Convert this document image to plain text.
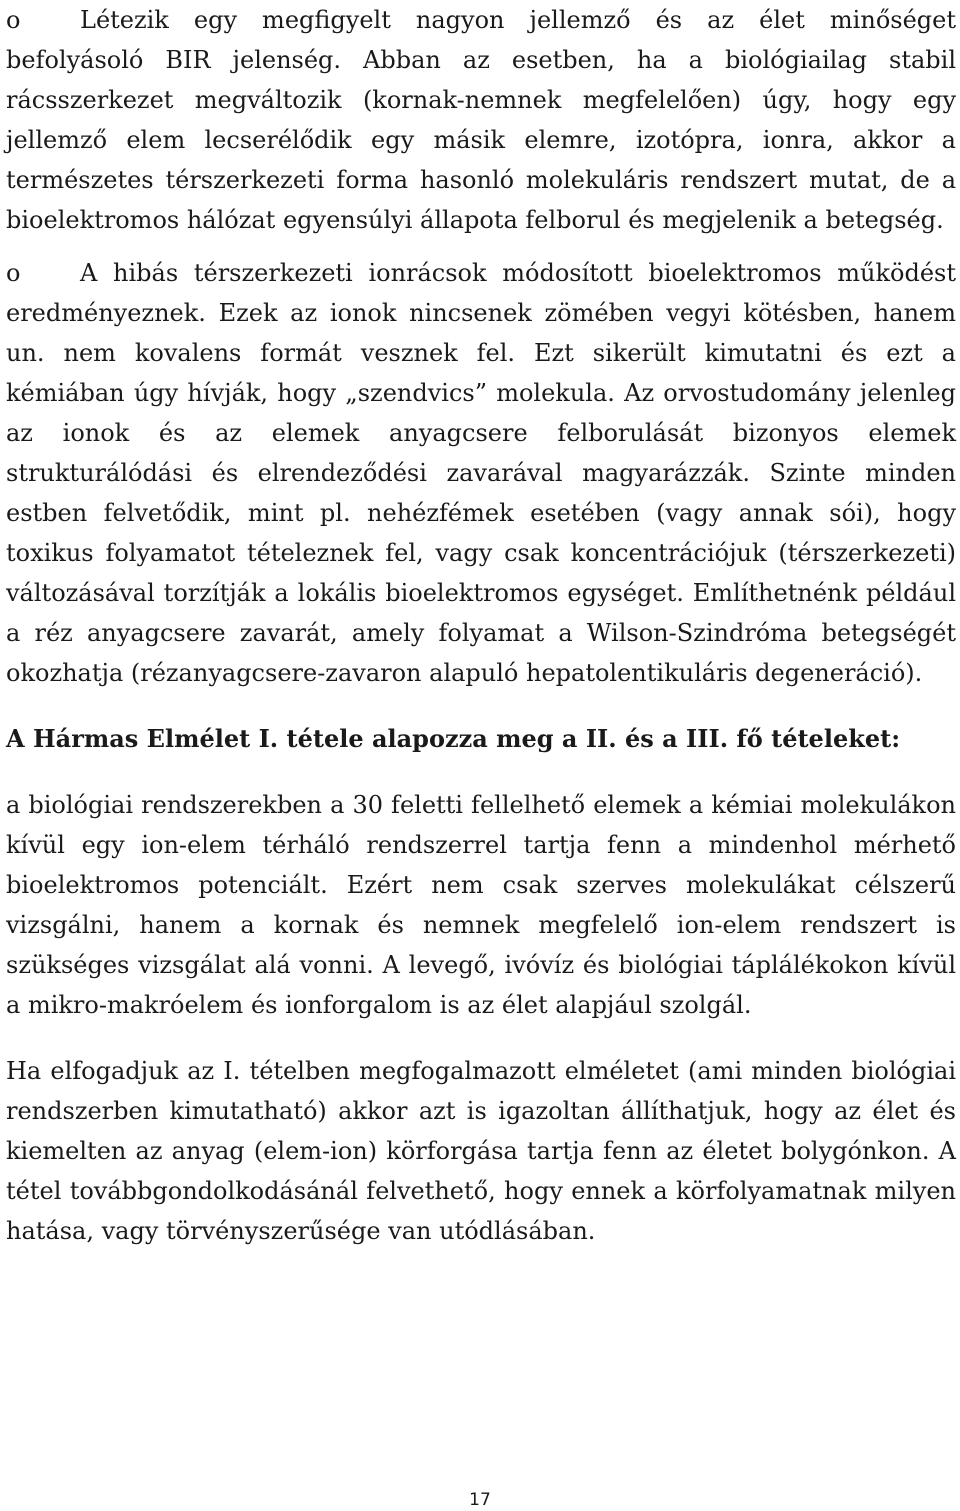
o Létezik egy megfigyelt nagyon jellemző és az élet minőséget befolyásoló BIR jelenség. Abban az esetben, ha a biológiailag stabil rácsszerkezet megváltozik (kornak-nemnek megfelelően) úgy, hogy egy jellemző elem lecserélődik egy másik elemre, izotópra, ionra, akkor a természetes térszerkezeti forma hasonló molekuláris rendszert mutat, de a bioelektromos hálózat egyensúlyi állapota felborul és megjelenik a betegség.

o A hibás térszerkezeti ionrácsok módosított bioelektromos működést eredményeznek. Ezek az ionok nincsenek zömében vegyi kötésben, hanem un. nem kovalens formát vesznek fel. Ezt sikerült kimutatni és ezt a kémiában úgy hívják, hogy „szendvics” molekula. Az orvostudomány jelenleg az ionok és az elemek anyagcsere felborulását bizonyos elemek strukturálódási és elrendeződési zavarával magyarázzák. Szinte minden estben felvetődik, mint pl. nehézfémek esetében (vagy annak sói), hogy toxikus folyamatot tételeznek fel, vagy csak koncentrációjuk (térszerkezeti) változásával torzítják a lokális bioelektromos egységet. Említhetnénk például a réz anyagcsere zavarát, amely folyamat a Wilson-Szindróma betegségét okozhatja (rézanyagcsere-zavaron alapuló hepatolentikuláris degeneráció).

A Hármas Elmélet I. tétele alapozza meg a II. és a III. fő tételeket:

a biológiai rendszerekben a 30 feletti fellelhető elemek a kémiai molekulákon kívül egy ion-elem térháló rendszerrel tartja fenn a mindenhol mérhető bioelektromos potenciált. Ezért nem csak szerves molekulákat célszerű vizsgálni, hanem a kornak és nemnek megfelelő ion-elem rendszert is szükséges vizsgálat alá vonni. A levegő, ivóvíz és biológiai táplálékokon kívül a mikro-makróelem és ionforgalom is az élet alapjául szolgál.

Ha elfogadjuk az I. tételben megfogalmazott elméletet (ami minden biológiai rendszerben kimutatható) akkor azt is igazoltan állíthatjuk, hogy az élet és kiemelten az anyag (elem-ion) körforgása tartja fenn az életet bolygónkon. A tétel továbbgondolkodásánál felvethető, hogy ennek a körfolyamatnak milyen hatása, vagy törvényszerűsége van utódlásában.

17
